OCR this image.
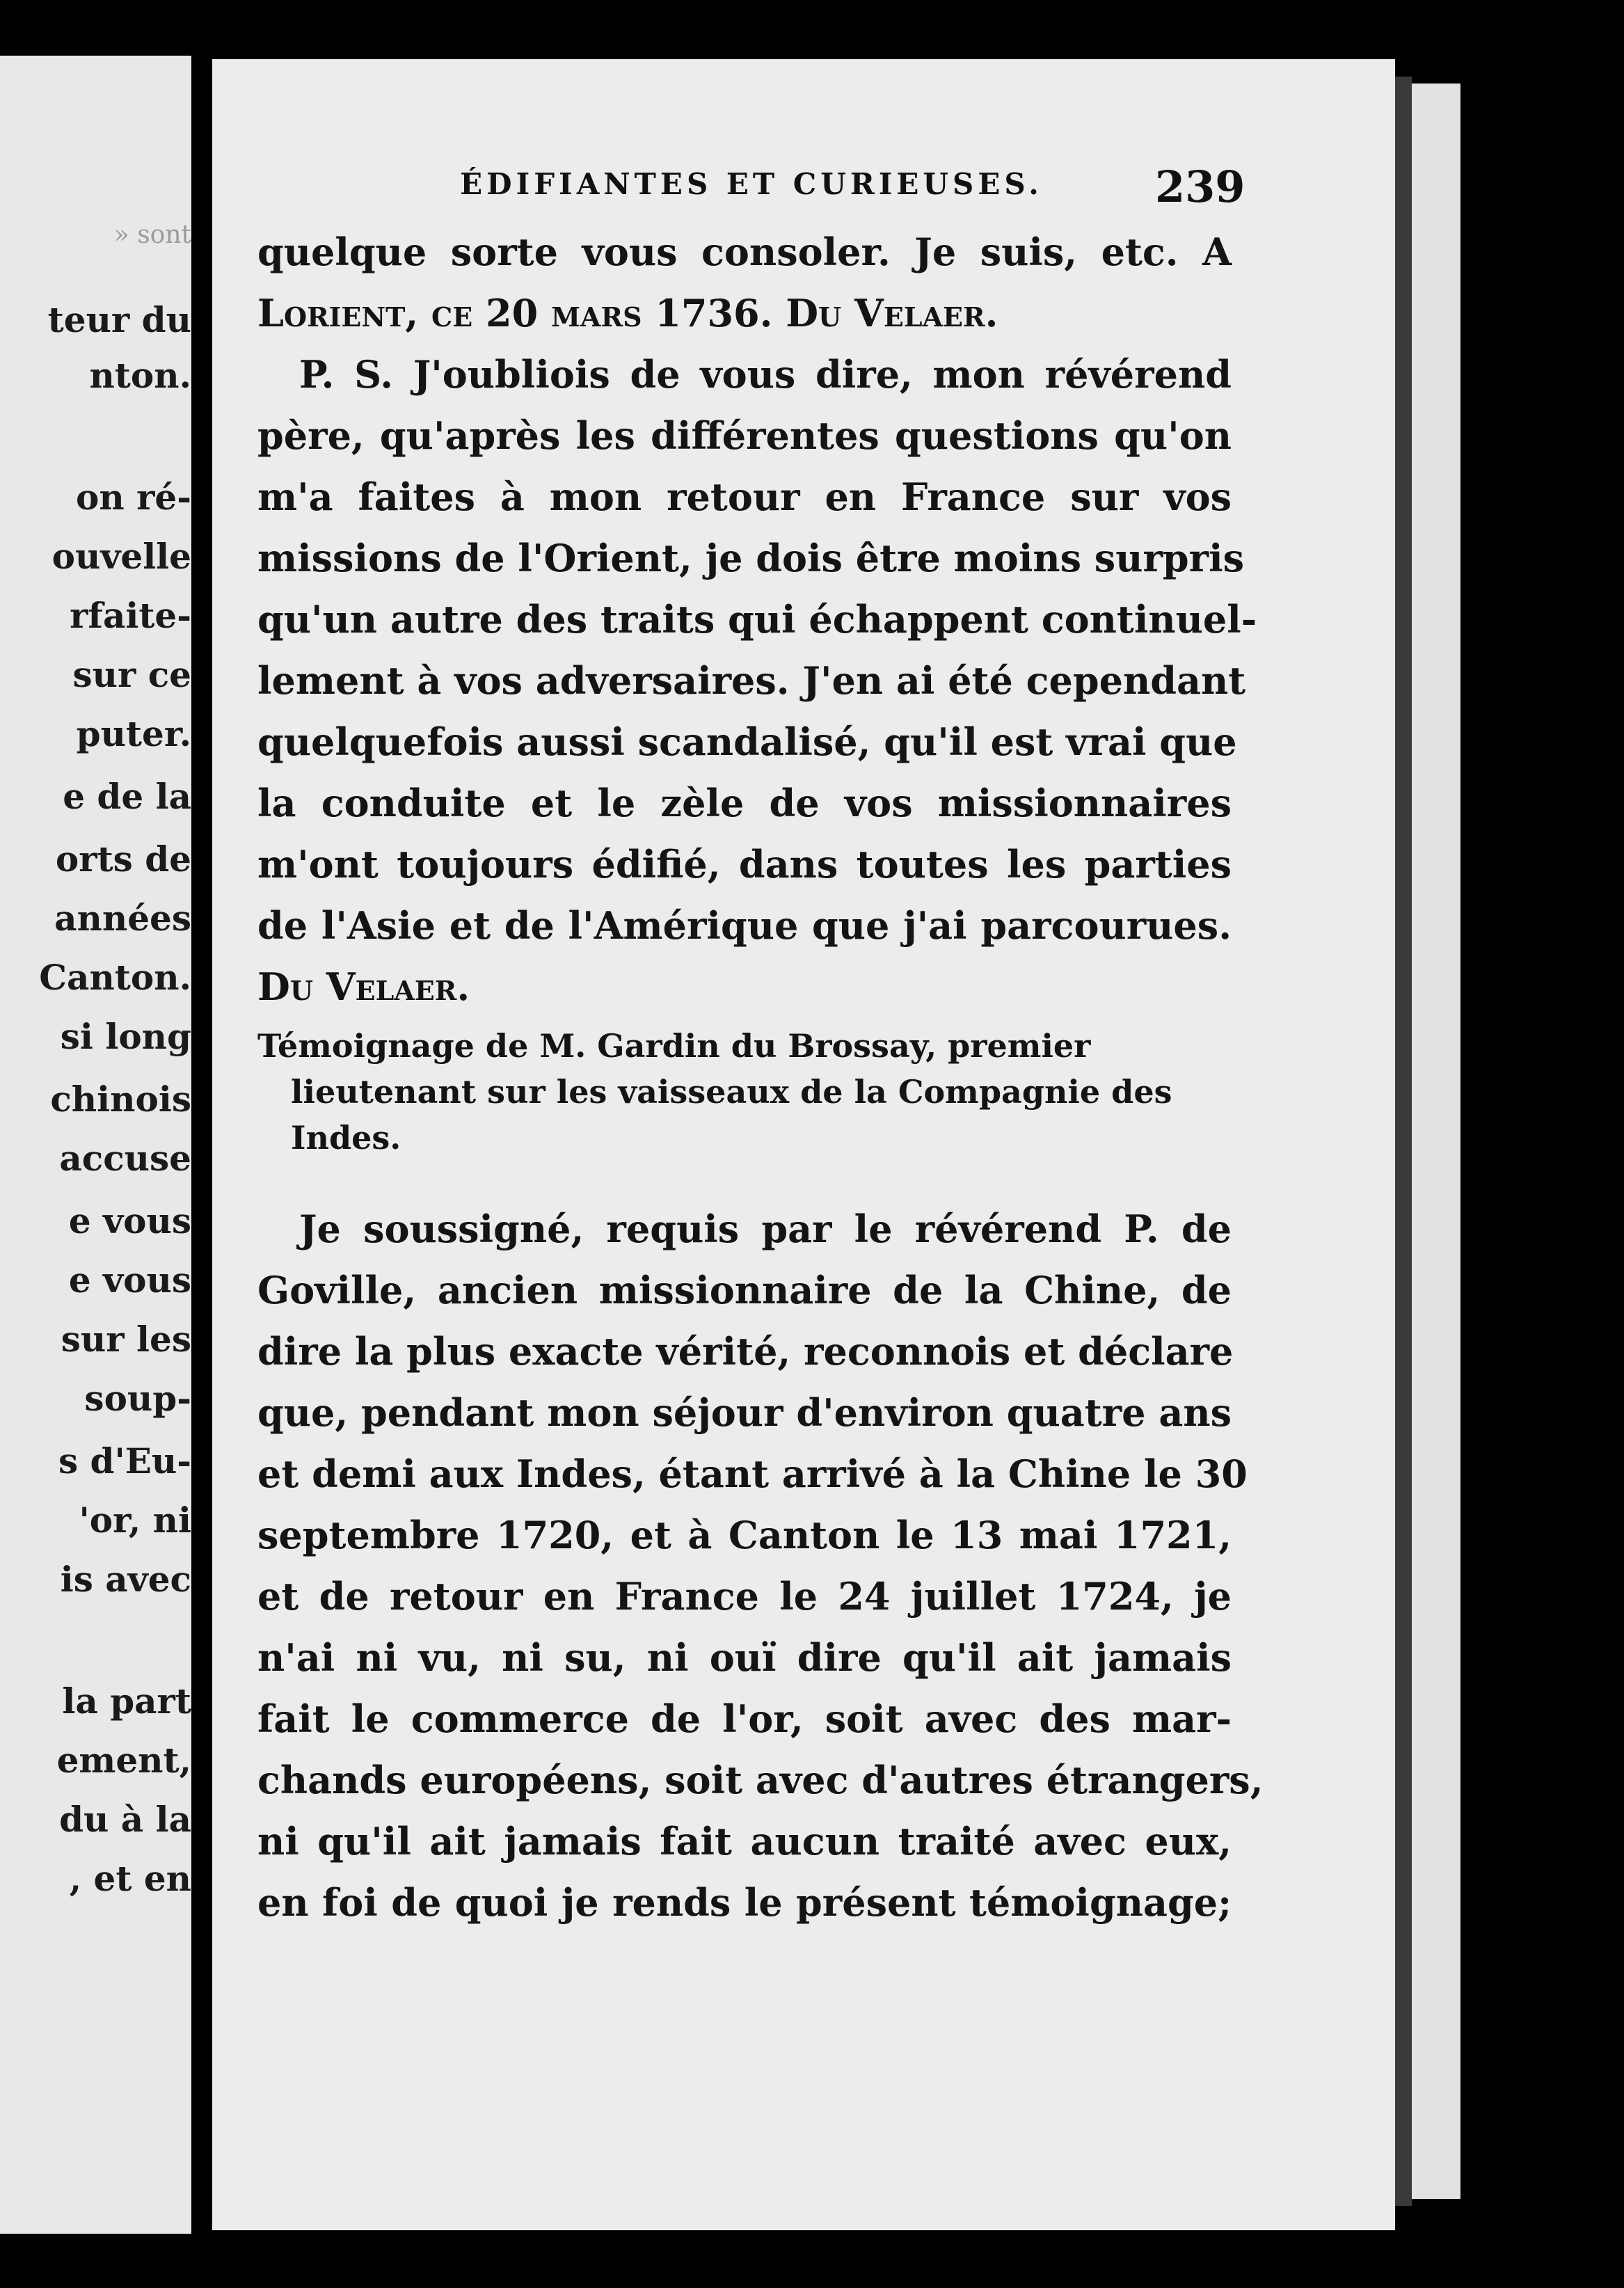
» sont
teur du
nton.
on ré-
ouvelle
rfaite-
sur ce
puter.
e de la
orts de
années
Canton.
si long
chinois
accuse
e vous
e vous
sur les
soup-
s d'Eu-
'or, ni
is avec
la part
ement,
du à la
, et en
ÉDIFIANTES ET CURIEUSES.	239
quelque sorte vous consoler. Je suis, etc. A
Lorient, ce 20 mars 1736. Du Velaer.
P. S. J'oubliois de vous dire, mon révérend
père, qu'après les différentes questions qu'on
m'a faites à mon retour en France sur vos
missions de l'Orient, je dois être moins surpris
qu'un autre des traits qui échappent continuel-
lement à vos adversaires. J'en ai été cependant
quelquefois aussi scandalisé, qu'il est vrai que
la conduite et le zèle de vos missionnaires
m'ont toujours édifié, dans toutes les parties
de l'Asie et de l'Amérique que j'ai parcourues.
Du Velaer.
Témoignage de M. Gardin du Brossay, premier
lieutenant sur les vaisseaux de la Compagnie des
Indes.
Je soussigné, requis par le révérend P. de
Goville, ancien missionnaire de la Chine, de
dire la plus exacte vérité, reconnois et déclare
que, pendant mon séjour d'environ quatre ans
et demi aux Indes, étant arrivé à la Chine le 30
septembre 1720, et à Canton le 13 mai 1721,
et de retour en France le 24 juillet 1724, je
n'ai ni vu, ni su, ni ouï dire qu'il ait jamais
fait le commerce de l'or, soit avec des mar-
chands européens, soit avec d'autres étrangers,
ni qu'il ait jamais fait aucun traité avec eux,
en foi de quoi je rends le présent témoignage;
